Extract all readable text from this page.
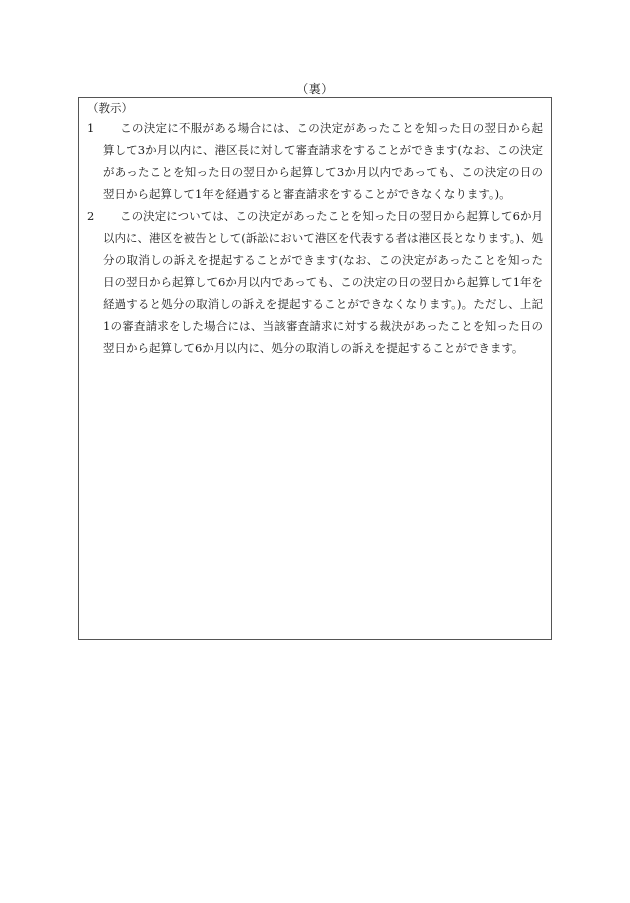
（裏）

（教示）

1 この決定に不服がある場合には、この決定があったことを知った日の翌日から起算して3か月以内に、港区長に対して審査請求をすることができます(なお、この決定があったことを知った日の翌日から起算して3か月以内であっても、この決定の日の翌日から起算して1年を経過すると審査請求をすることができなくなります。)。

2 この決定については、この決定があったことを知った日の翌日から起算して6か月以内に、港区を被告として(訴訟において港区を代表する者は港区長となります。)、処分の取消しの訴えを提起することができます(なお、この決定があったことを知った日の翌日から起算して6か月以内であっても、この決定の日の翌日から起算して1年を経過すると処分の取消しの訴えを提起することができなくなります。)。ただし、上記1の審査請求をした場合には、当該審査請求に対する裁決があったことを知った日の翌日から起算して6か月以内に、処分の取消しの訴えを提起することができます。
